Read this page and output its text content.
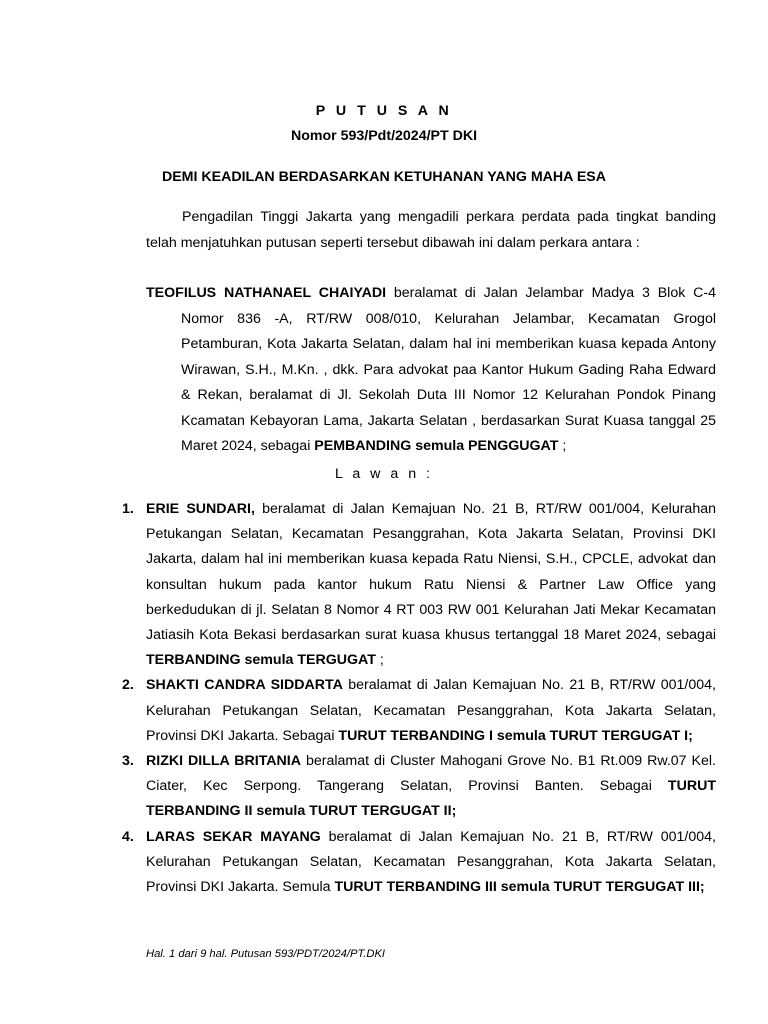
P U T U S A N
Nomor 593/Pdt/2024/PT DKI
DEMI KEADILAN BERDASARKAN KETUHANAN YANG MAHA ESA
Pengadilan Tinggi Jakarta yang mengadili perkara perdata pada tingkat banding telah menjatuhkan putusan seperti tersebut dibawah ini dalam perkara antara :
TEOFILUS NATHANAEL CHAIYADI beralamat di Jalan Jelambar Madya 3 Blok C-4 Nomor 836 -A, RT/RW 008/010, Kelurahan Jelambar, Kecamatan Grogol Petamburan, Kota Jakarta Selatan, dalam hal ini memberikan kuasa kepada Antony Wirawan, S.H., M.Kn. , dkk. Para advokat paa Kantor Hukum Gading Raha Edward & Rekan, beralamat di Jl. Sekolah Duta III Nomor 12 Kelurahan Pondok Pinang Kcamatan Kebayoran Lama, Jakarta Selatan , berdasarkan Surat Kuasa tanggal 25 Maret 2024, sebagai PEMBANDING semula PENGGUGAT ;
L a w a n :
1. ERIE SUNDARI, beralamat di Jalan Kemajuan No. 21 B, RT/RW 001/004, Kelurahan Petukangan Selatan, Kecamatan Pesanggrahan, Kota Jakarta Selatan, Provinsi DKI Jakarta, dalam hal ini memberikan kuasa kepada Ratu Niensi, S.H., CPCLE, advokat dan konsultan hukum pada kantor hukum Ratu Niensi & Partner Law Office yang berkedudukan di jl. Selatan 8 Nomor 4 RT 003 RW 001 Kelurahan Jati Mekar Kecamatan Jatiasih Kota Bekasi berdasarkan surat kuasa khusus tertanggal 18 Maret 2024, sebagai TERBANDING semula TERGUGAT ;
2. SHAKTI CANDRA SIDDARTA beralamat di Jalan Kemajuan No. 21 B, RT/RW 001/004, Kelurahan Petukangan Selatan, Kecamatan Pesanggrahan, Kota Jakarta Selatan, Provinsi DKI Jakarta. Sebagai TURUT TERBANDING I semula TURUT TERGUGAT I;
3. RIZKI DILLA BRITANIA beralamat di Cluster Mahogani Grove No. B1 Rt.009 Rw.07 Kel. Ciater, Kec Serpong. Tangerang Selatan, Provinsi Banten. Sebagai TURUT TERBANDING II semula TURUT TERGUGAT II;
4. LARAS SEKAR MAYANG beralamat di Jalan Kemajuan No. 21 B, RT/RW 001/004, Kelurahan Petukangan Selatan, Kecamatan Pesanggrahan, Kota Jakarta Selatan, Provinsi DKI Jakarta. Semula TURUT TERBANDING III semula TURUT TERGUGAT III;
Hal. 1 dari 9 hal. Putusan 593/PDT/2024/PT.DKI
